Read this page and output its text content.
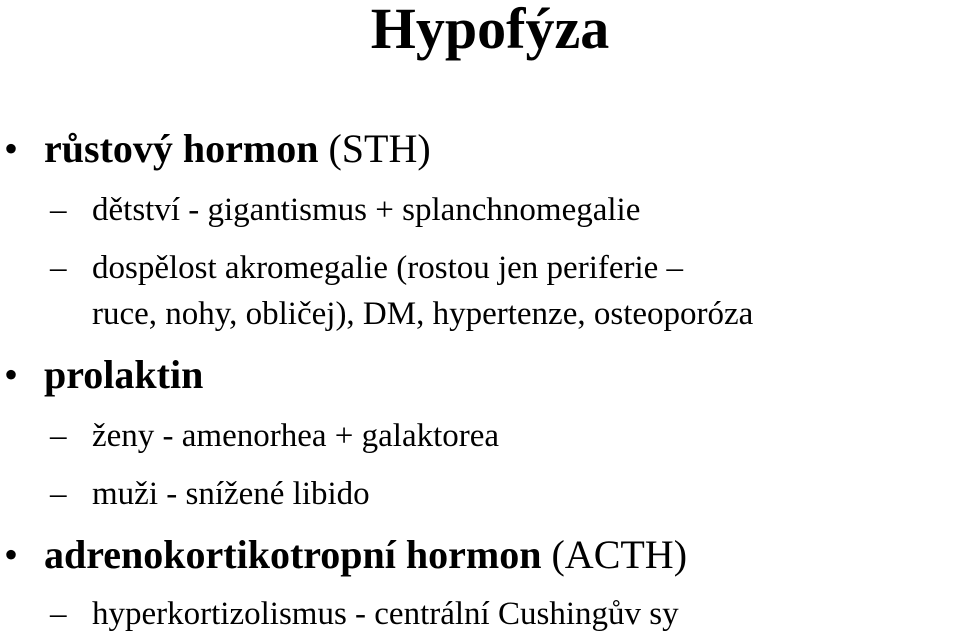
Hypofýza
• růstový hormon (STH)
– dětství - gigantismus + splanchnomegalie
– dospělost akromegalie (rostou jen periferie –
ruce, nohy, obličej), DM, hypertenze, osteoporóza
• prolaktin
– ženy - amenorhea + galaktorea
– muži - snížené libido
• adrenokortikotropní hormon (ACTH)
– hyperkortizolismus - centrální Cushingův sy
